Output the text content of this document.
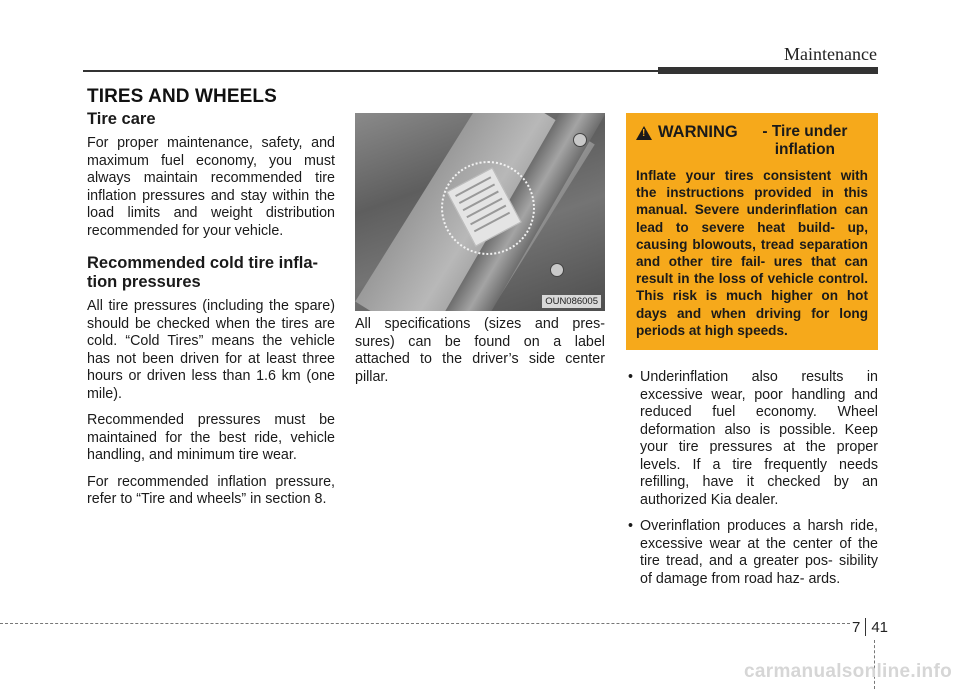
Maintenance
TIRES AND WHEELS
Tire care

For proper maintenance, safety, and maximum fuel economy, you must always maintain recommended tire inflation pressures and stay within the load limits and weight distribution recommended for your vehicle.

Recommended cold tire infla- tion pressures

All tire pressures (including the spare) should be checked when the tires are cold. “Cold Tires” means the vehicle has not been driven for at least three hours or driven less than 1.6 km (one mile).

Recommended pressures must be maintained for the best ride, vehicle handling, and minimum tire wear.

For recommended inflation pressure, refer to “Tire and wheels” in section 8.

OUN086005

All specifications (sizes and pres- sures) can be found on a label attached to the driver’s side center pillar.

!
WARNING	- Tire under inflation
Inflate your tires consistent with the instructions provided in this manual. Severe underinflation can lead to severe heat build- up, causing blowouts, tread separation and other tire fail- ures that can result in the loss of vehicle control. This risk is much higher on hot days and when driving for long periods at high speeds.
• Underinflation also results in excessive wear, poor handling and reduced fuel economy. Wheel deformation also is possible. Keep your tire pressures at the proper levels. If a tire frequently needs refilling, have it checked by an authorized Kia dealer.
• Overinflation produces a harsh ride, excessive wear at the center of the tire tread, and a greater pos- sibility of damage from road haz- ards.
7 41
carmanualsonline.info
